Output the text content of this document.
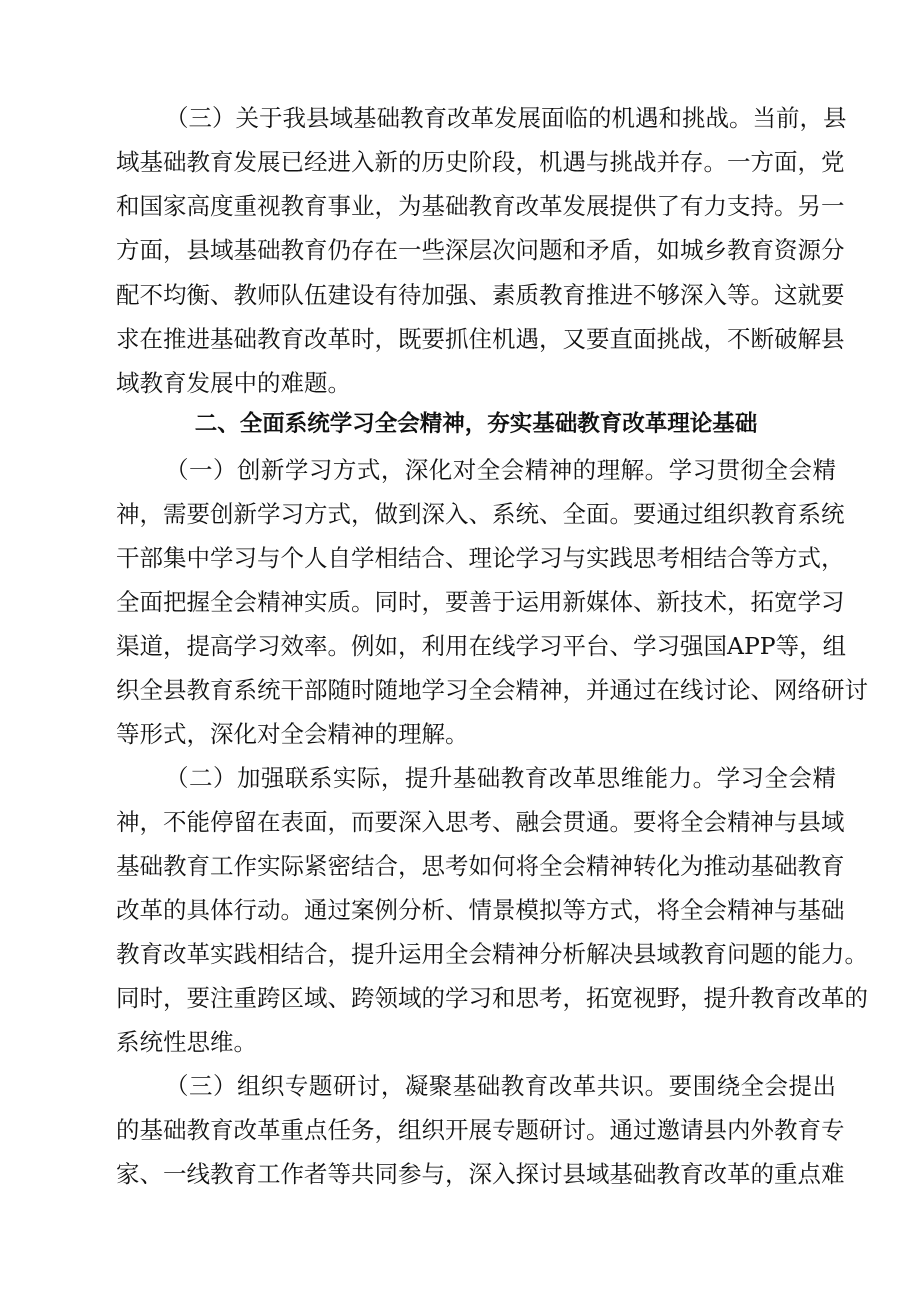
（三）关于我县域基础教育改革发展面临的机遇和挑战。当前，县
域基础教育发展已经进入新的历史阶段，机遇与挑战并存。一方面，党
和国家高度重视教育事业，为基础教育改革发展提供了有力支持。另一
方面，县域基础教育仍存在一些深层次问题和矛盾，如城乡教育资源分
配不均衡、教师队伍建设有待加强、素质教育推进不够深入等。这就要
求在推进基础教育改革时，既要抓住机遇，又要直面挑战，不断破解县
域教育发展中的难题。
二、全面系统学习全会精神，夯实基础教育改革理论基础
（一）创新学习方式，深化对全会精神的理解。学习贯彻全会精
神，需要创新学习方式，做到深入、系统、全面。要通过组织教育系统
干部集中学习与个人自学相结合、理论学习与实践思考相结合等方式，
全面把握全会精神实质。同时，要善于运用新媒体、新技术，拓宽学习
渠道，提高学习效率。例如，利用在线学习平台、学习强国APP等，组
织全县教育系统干部随时随地学习全会精神，并通过在线讨论、网络研讨
等形式，深化对全会精神的理解。
（二）加强联系实际，提升基础教育改革思维能力。学习全会精
神，不能停留在表面，而要深入思考、融会贯通。要将全会精神与县域
基础教育工作实际紧密结合，思考如何将全会精神转化为推动基础教育
改革的具体行动。通过案例分析、情景模拟等方式，将全会精神与基础
教育改革实践相结合，提升运用全会精神分析解决县域教育问题的能力。
同时，要注重跨区域、跨领域的学习和思考，拓宽视野，提升教育改革的
系统性思维。
（三）组织专题研讨，凝聚基础教育改革共识。要围绕全会提出
的基础教育改革重点任务，组织开展专题研讨。通过邀请县内外教育专
家、一线教育工作者等共同参与，深入探讨县域基础教育改革的重点难
